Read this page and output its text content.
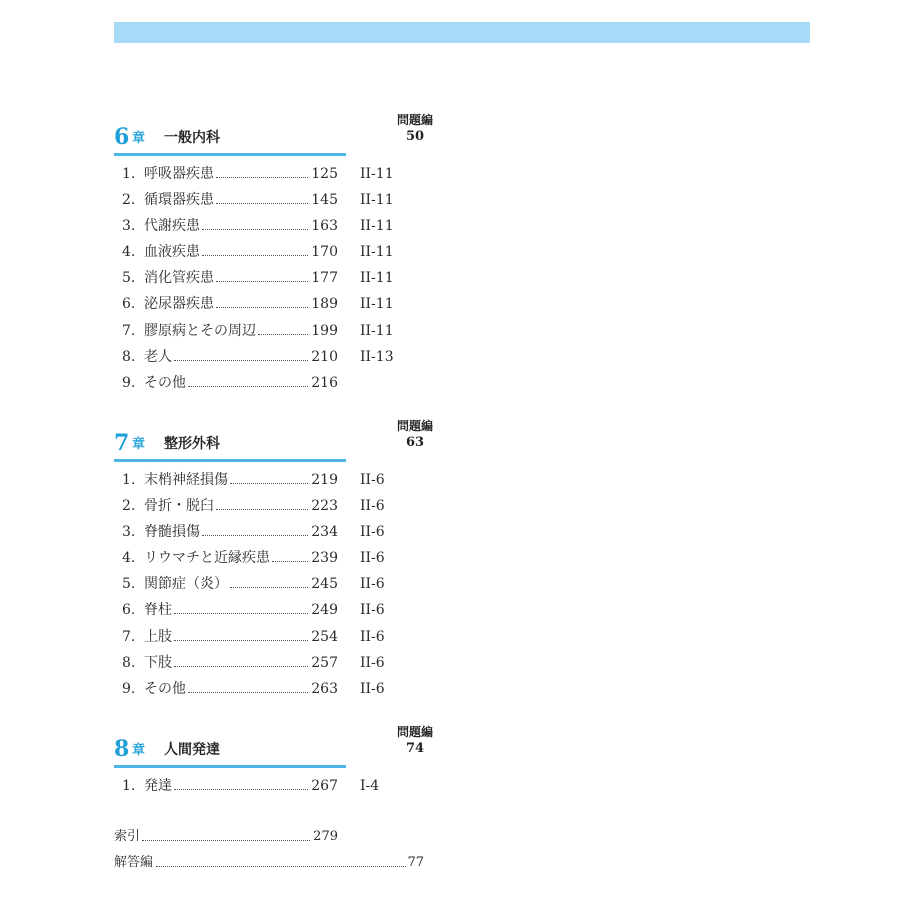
6 章 一般内科
問題編
50
1. 呼吸器疾患	125 II-11
2. 循環器疾患	145 II-11
3. 代謝疾患	163 II-11
4. 血液疾患	170 II-11
5. 消化管疾患	177 II-11
6. 泌尿器疾患	189 II-11
7. 膠原病とその周辺	199 II-11
8. 老人	210 II-13
9. その他	216
7 章 整形外科
問題編
63
1. 末梢神経損傷	219 II-6
2. 骨折・脱臼	223 II-6
3. 脊髄損傷	234 II-6
4. リウマチと近縁疾患	239 II-6
5. 関節症（炎）	245 II-6
6. 脊柱	249 II-6
7. 上肢	254 II-6
8. 下肢	257 II-6
9. その他	263 II-6
8 章 人間発達
問題編
74
1. 発達	267 I-4
索引	279
解答編	77
